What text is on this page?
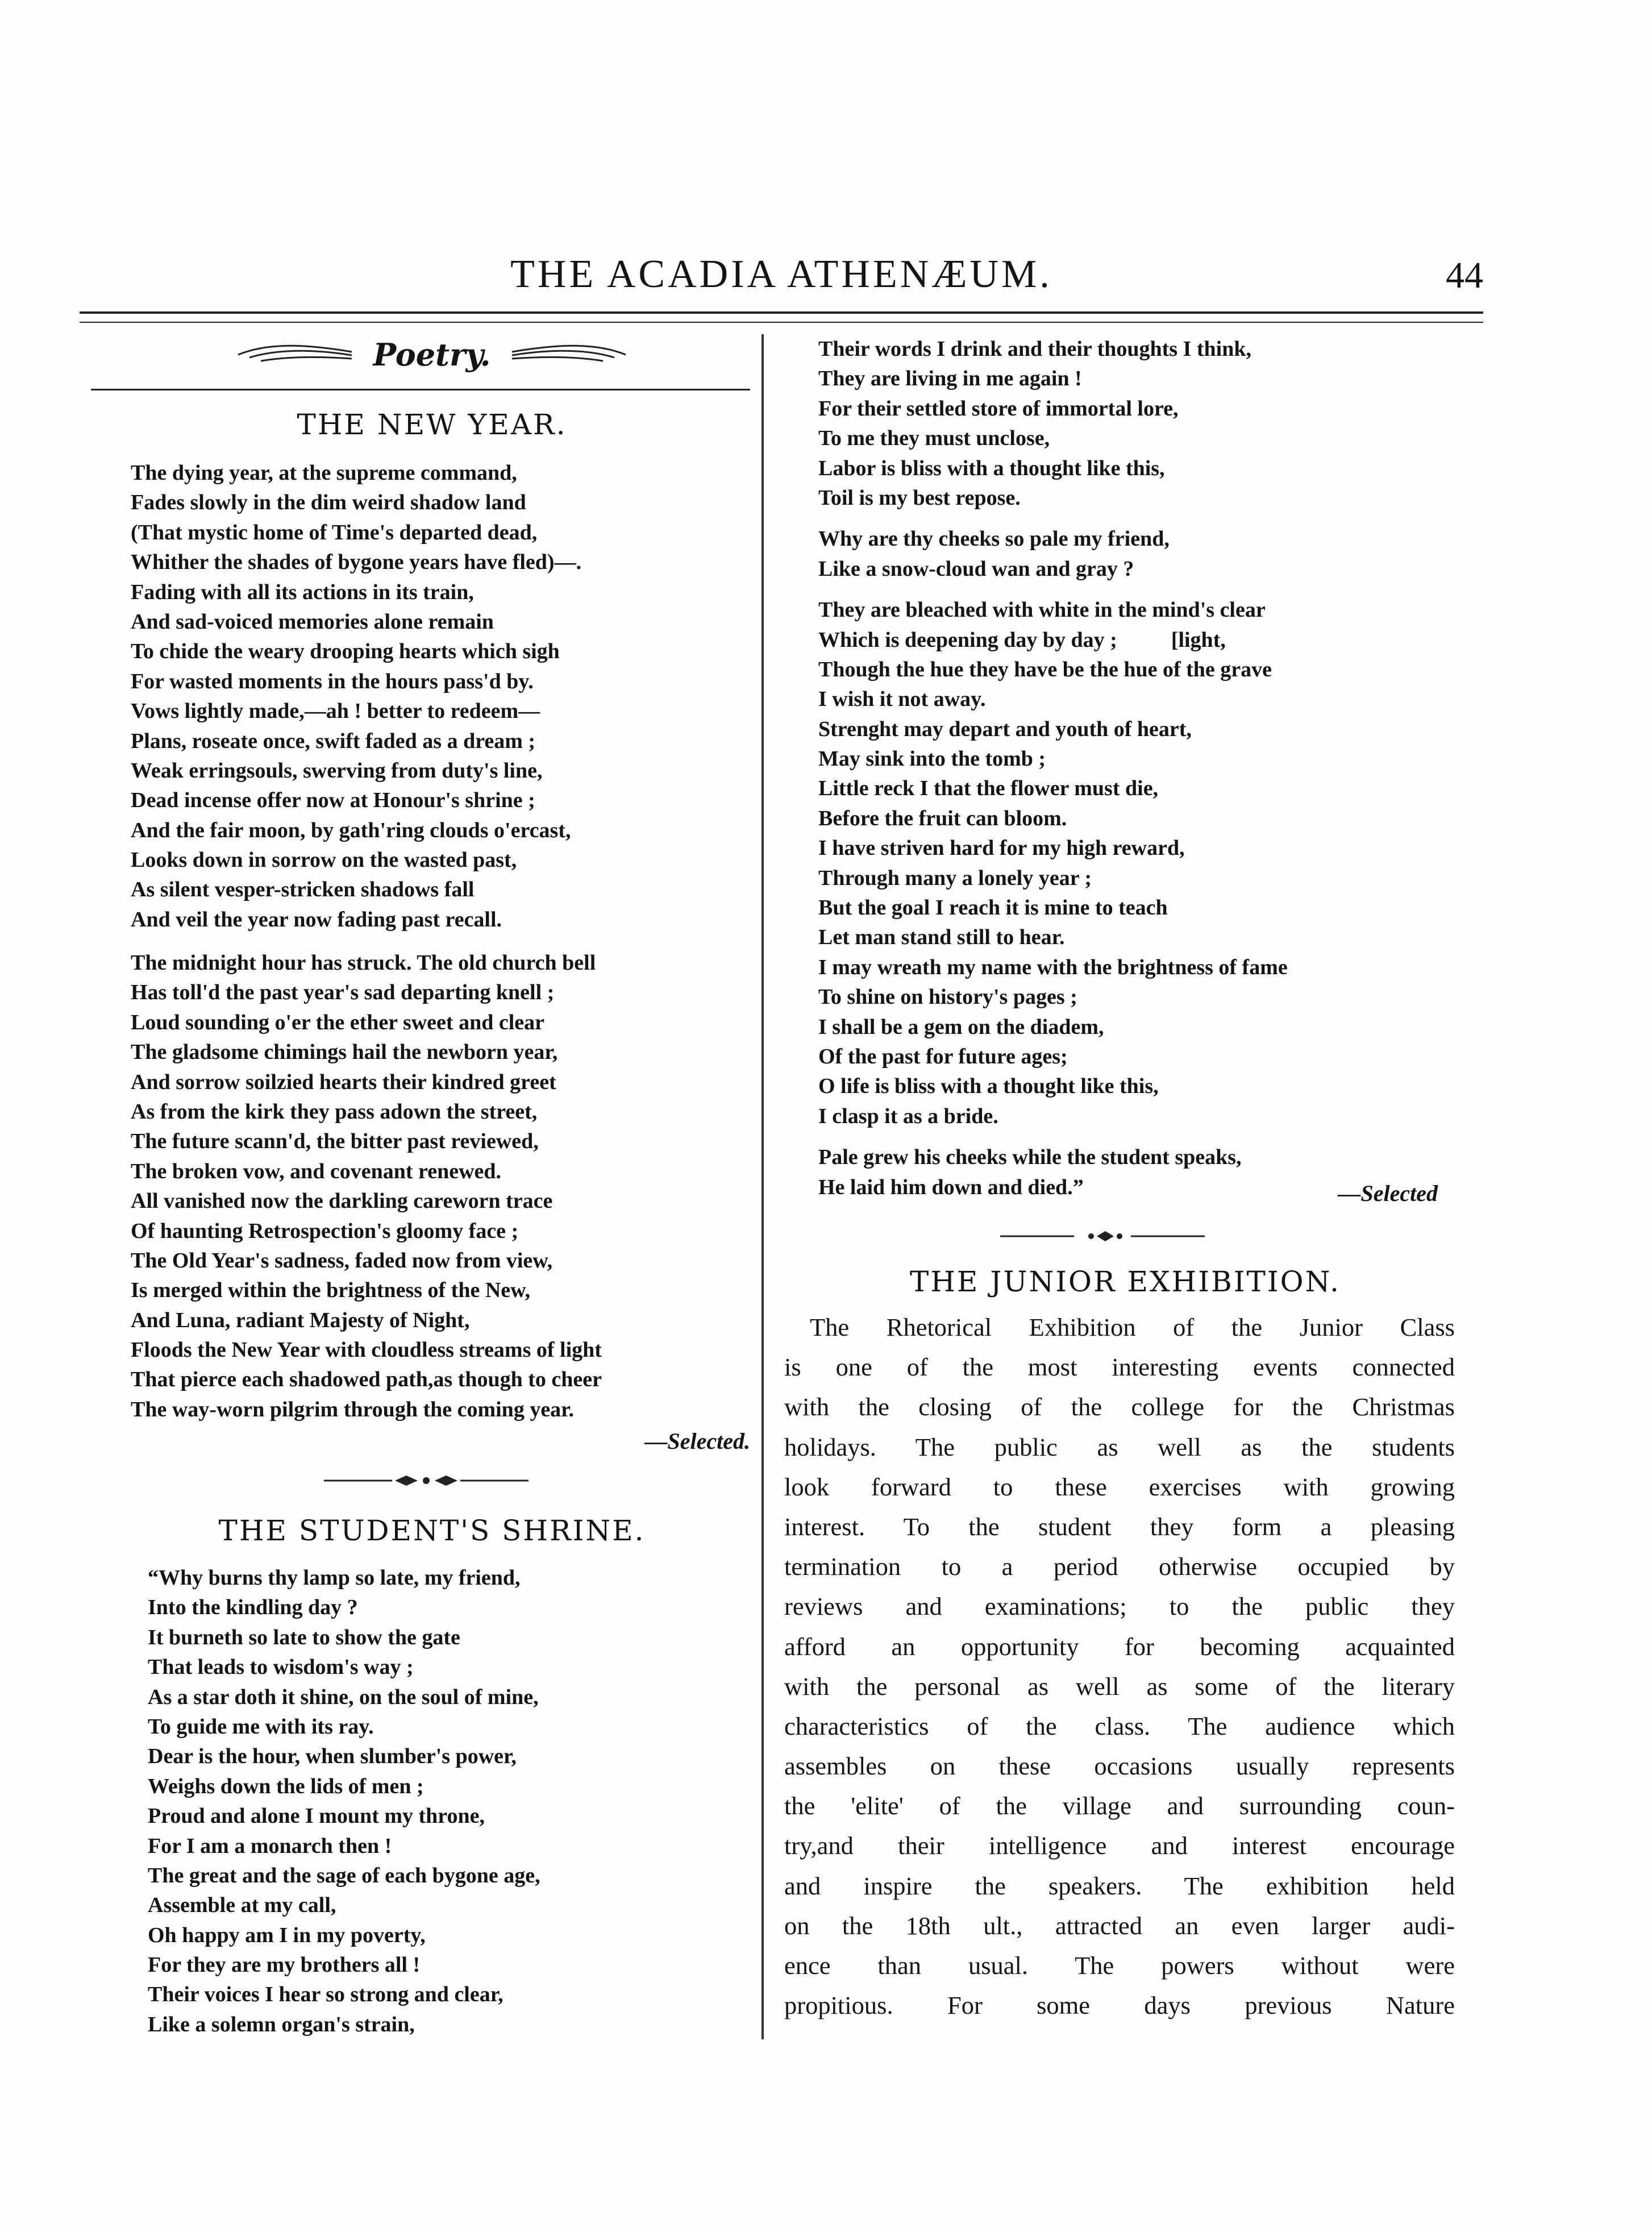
THE ACADIA ATHENÆUM.	44
Poetry.
THE NEW YEAR.
The dying year, at the supreme command,
Fades slowly in the dim weird shadow land
(That mystic home of Time's departed dead,
Whither the shades of bygone years have fled)—.
Fading with all its actions in its train,
And sad-voiced memories alone remain
To chide the weary drooping hearts which sigh
For wasted moments in the hours pass'd by.
Vows lightly made,—ah ! better to redeem—
Plans, roseate once, swift faded as a dream ;
Weak erringsouls, swerving from duty's line,
Dead incense offer now at Honour's shrine ;
And the fair moon, by gath'ring clouds o'ercast,
Looks down in sorrow on the wasted past,
As silent vesper-stricken shadows fall
And veil the year now fading past recall.
The midnight hour has struck. The old church bell
Has toll'd the past year's sad departing knell ;
Loud sounding o'er the ether sweet and clear
The gladsome chimings hail the newborn year,
And sorrow soilzied hearts their kindred greet
As from the kirk they pass adown the street,
The future scann'd, the bitter past reviewed,
The broken vow, and covenant renewed.
All vanished now the darkling careworn trace
Of haunting Retrospection's gloomy face ;
The Old Year's sadness, faded now from view,
Is merged within the brightness of the New,
And Luna, radiant Majesty of Night,
Floods the New Year with cloudless streams of light
That pierce each shadowed path,as though to cheer
The way-worn pilgrim through the coming year.
—Selected.
THE STUDENT'S SHRINE.
“Why burns thy lamp so late, my friend,
Into the kindling day ?
It burneth so late to show the gate
That leads to wisdom's way ;
As a star doth it shine, on the soul of mine,
To guide me with its ray.
Dear is the hour, when slumber's power,
Weighs down the lids of men ;
Proud and alone I mount my throne,
For I am a monarch then !
The great and the sage of each bygone age,
Assemble at my call,
Oh happy am I in my poverty,
For they are my brothers all !
Their voices I hear so strong and clear,
Like a solemn organ's strain,
Their words I drink and their thoughts I think,
They are living in me again !
For their settled store of immortal lore,
To me they must unclose,
Labor is bliss with a thought like this,
Toil is my best repose.
Why are thy cheeks so pale my friend,
Like a snow-cloud wan and gray ?
They are bleached with white in the mind's clear
Which is deepening day by day ;          [light,
Though the hue they have be the hue of the grave
I wish it not away.
Strenght may depart and youth of heart,
May sink into the tomb ;
Little reck I that the flower must die,
Before the fruit can bloom.
I have striven hard for my high reward,
Through many a lonely year ;
But the goal I reach it is mine to teach
Let man stand still to hear.
I may wreath my name with the brightness of fame
To shine on history's pages ;
I shall be a gem on the diadem,
Of the past for future ages;
O life is bliss with a thought like this,
I clasp it as a bride.
Pale grew his cheeks while the student speaks,
He laid him down and died.”	—Selected
THE JUNIOR EXHIBITION.
The Rhetorical Exhibition of the Junior Class
is one of the most interesting events connected
with the closing of the college for the Christmas
holidays. The public as well as the students
look forward to these exercises with growing
interest. To the student they form a pleasing
termination to a period otherwise occupied by
reviews and examinations; to the public they
afford an opportunity for becoming acquainted
with the personal as well as some of the literary
characteristics of the class. The audience which
assembles on these occasions usually represents
the 'elite' of the village and surrounding coun-
try,and their intelligence and interest encourage
and inspire the speakers. The exhibition held
on the 18th ult., attracted an even larger audi-
ence than usual. The powers without were
propitious. For some days previous Nature
